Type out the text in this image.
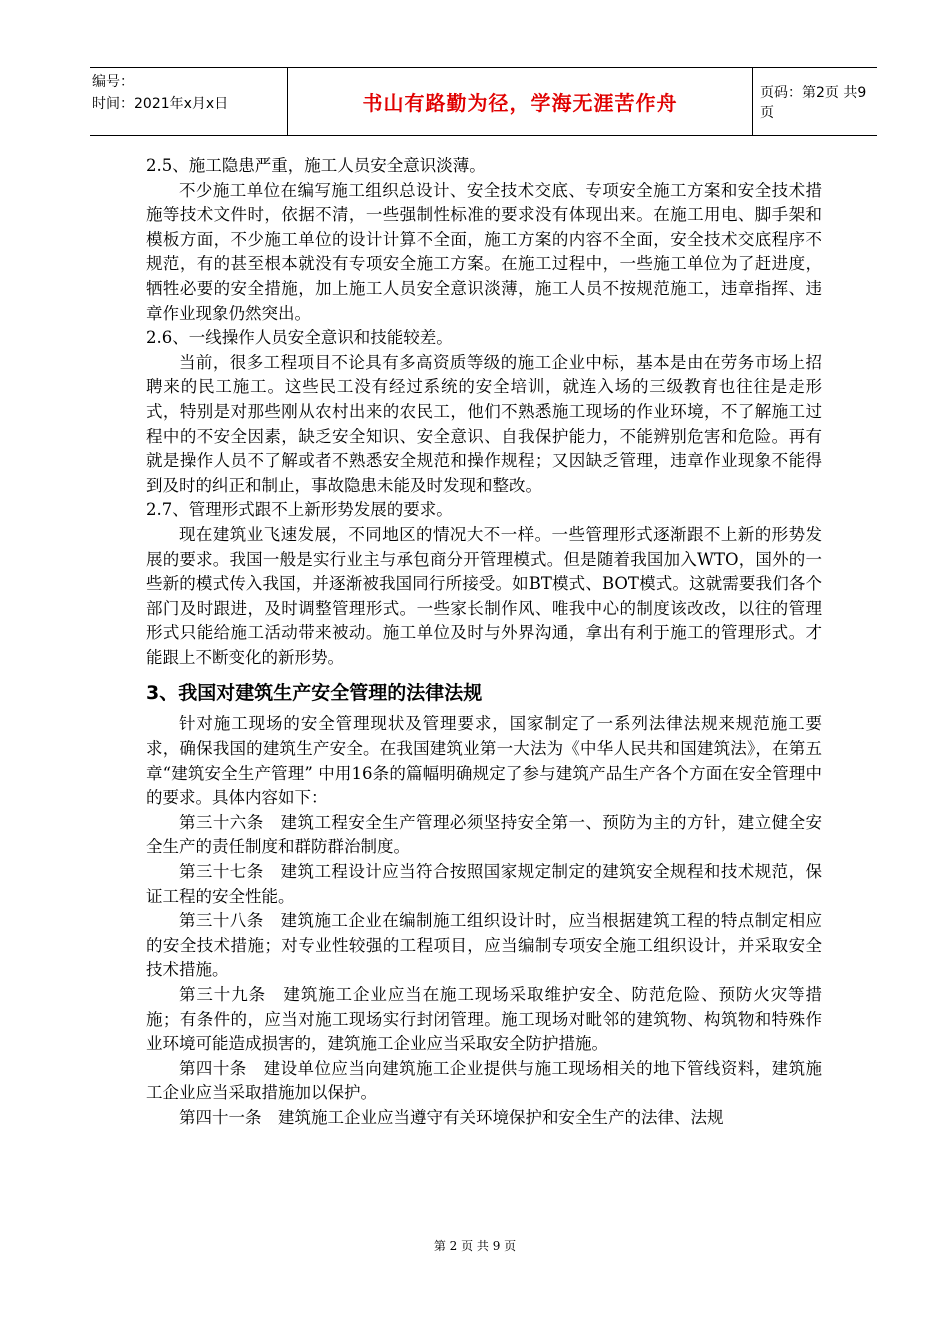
编号：
时间：2021年x月x日	书山有路勤为径，学海无涯苦作舟	页码：第2页 共9页

2.5、施工隐患严重，施工人员安全意识淡薄。

不少施工单位在编写施工组织总设计、安全技术交底、专项安全施工方案和安全技术措施等技术文件时，依据不清，一些强制性标准的要求没有体现出来。在施工用电、脚手架和模板方面，不少施工单位的设计计算不全面，施工方案的内容不全面，安全技术交底程序不规范，有的甚至根本就没有专项安全施工方案。在施工过程中，一些施工单位为了赶进度，牺牲必要的安全措施，加上施工人员安全意识淡薄，施工人员不按规范施工，违章指挥、违章作业现象仍然突出。

2.6、一线操作人员安全意识和技能较差。

当前，很多工程项目不论具有多高资质等级的施工企业中标，基本是由在劳务市场上招聘来的民工施工。这些民工没有经过系统的安全培训，就连入场的三级教育也往往是走形式，特别是对那些刚从农村出来的农民工，他们不熟悉施工现场的作业环境，不了解施工过程中的不安全因素，缺乏安全知识、安全意识、自我保护能力，不能辨别危害和危险。再有就是操作人员不了解或者不熟悉安全规范和操作规程；又因缺乏管理，违章作业现象不能得到及时的纠正和制止，事故隐患未能及时发现和整改。

2.7、管理形式跟不上新形势发展的要求。

现在建筑业飞速发展，不同地区的情况大不一样。一些管理形式逐渐跟不上新的形势发展的要求。我国一般是实行业主与承包商分开管理模式。但是随着我国加入WTO，国外的一些新的模式传入我国，并逐渐被我国同行所接受。如BT模式、BOT模式。这就需要我们各个部门及时跟进，及时调整管理形式。一些家长制作风、唯我中心的制度该改改，以往的管理形式只能给施工活动带来被动。施工单位及时与外界沟通，拿出有利于施工的管理形式。才能跟上不断变化的新形势。

3、我国对建筑生产安全管理的法律法规

针对施工现场的安全管理现状及管理要求，国家制定了一系列法律法规来规范施工要求，确保我国的建筑生产安全。在我国建筑业第一大法为《中华人民共和国建筑法》，在第五章“建筑安全生产管理” 中用16条的篇幅明确规定了参与建筑产品生产各个方面在安全管理中的要求。具体内容如下：

第三十六条　建筑工程安全生产管理必须坚持安全第一、预防为主的方针，建立健全安全生产的责任制度和群防群治制度。

第三十七条　建筑工程设计应当符合按照国家规定制定的建筑安全规程和技术规范，保证工程的安全性能。

第三十八条　建筑施工企业在编制施工组织设计时，应当根据建筑工程的特点制定相应的安全技术措施；对专业性较强的工程项目，应当编制专项安全施工组织设计，并采取安全技术措施。

第三十九条　建筑施工企业应当在施工现场采取维护安全、防范危险、预防火灾等措施；有条件的，应当对施工现场实行封闭管理。施工现场对毗邻的建筑物、构筑物和特殊作业环境可能造成损害的，建筑施工企业应当采取安全防护措施。

第四十条　建设单位应当向建筑施工企业提供与施工现场相关的地下管线资料，建筑施工企业应当采取措施加以保护。

第四十一条　建筑施工企业应当遵守有关环境保护和安全生产的法律、法规

第 2 页 共 9 页
